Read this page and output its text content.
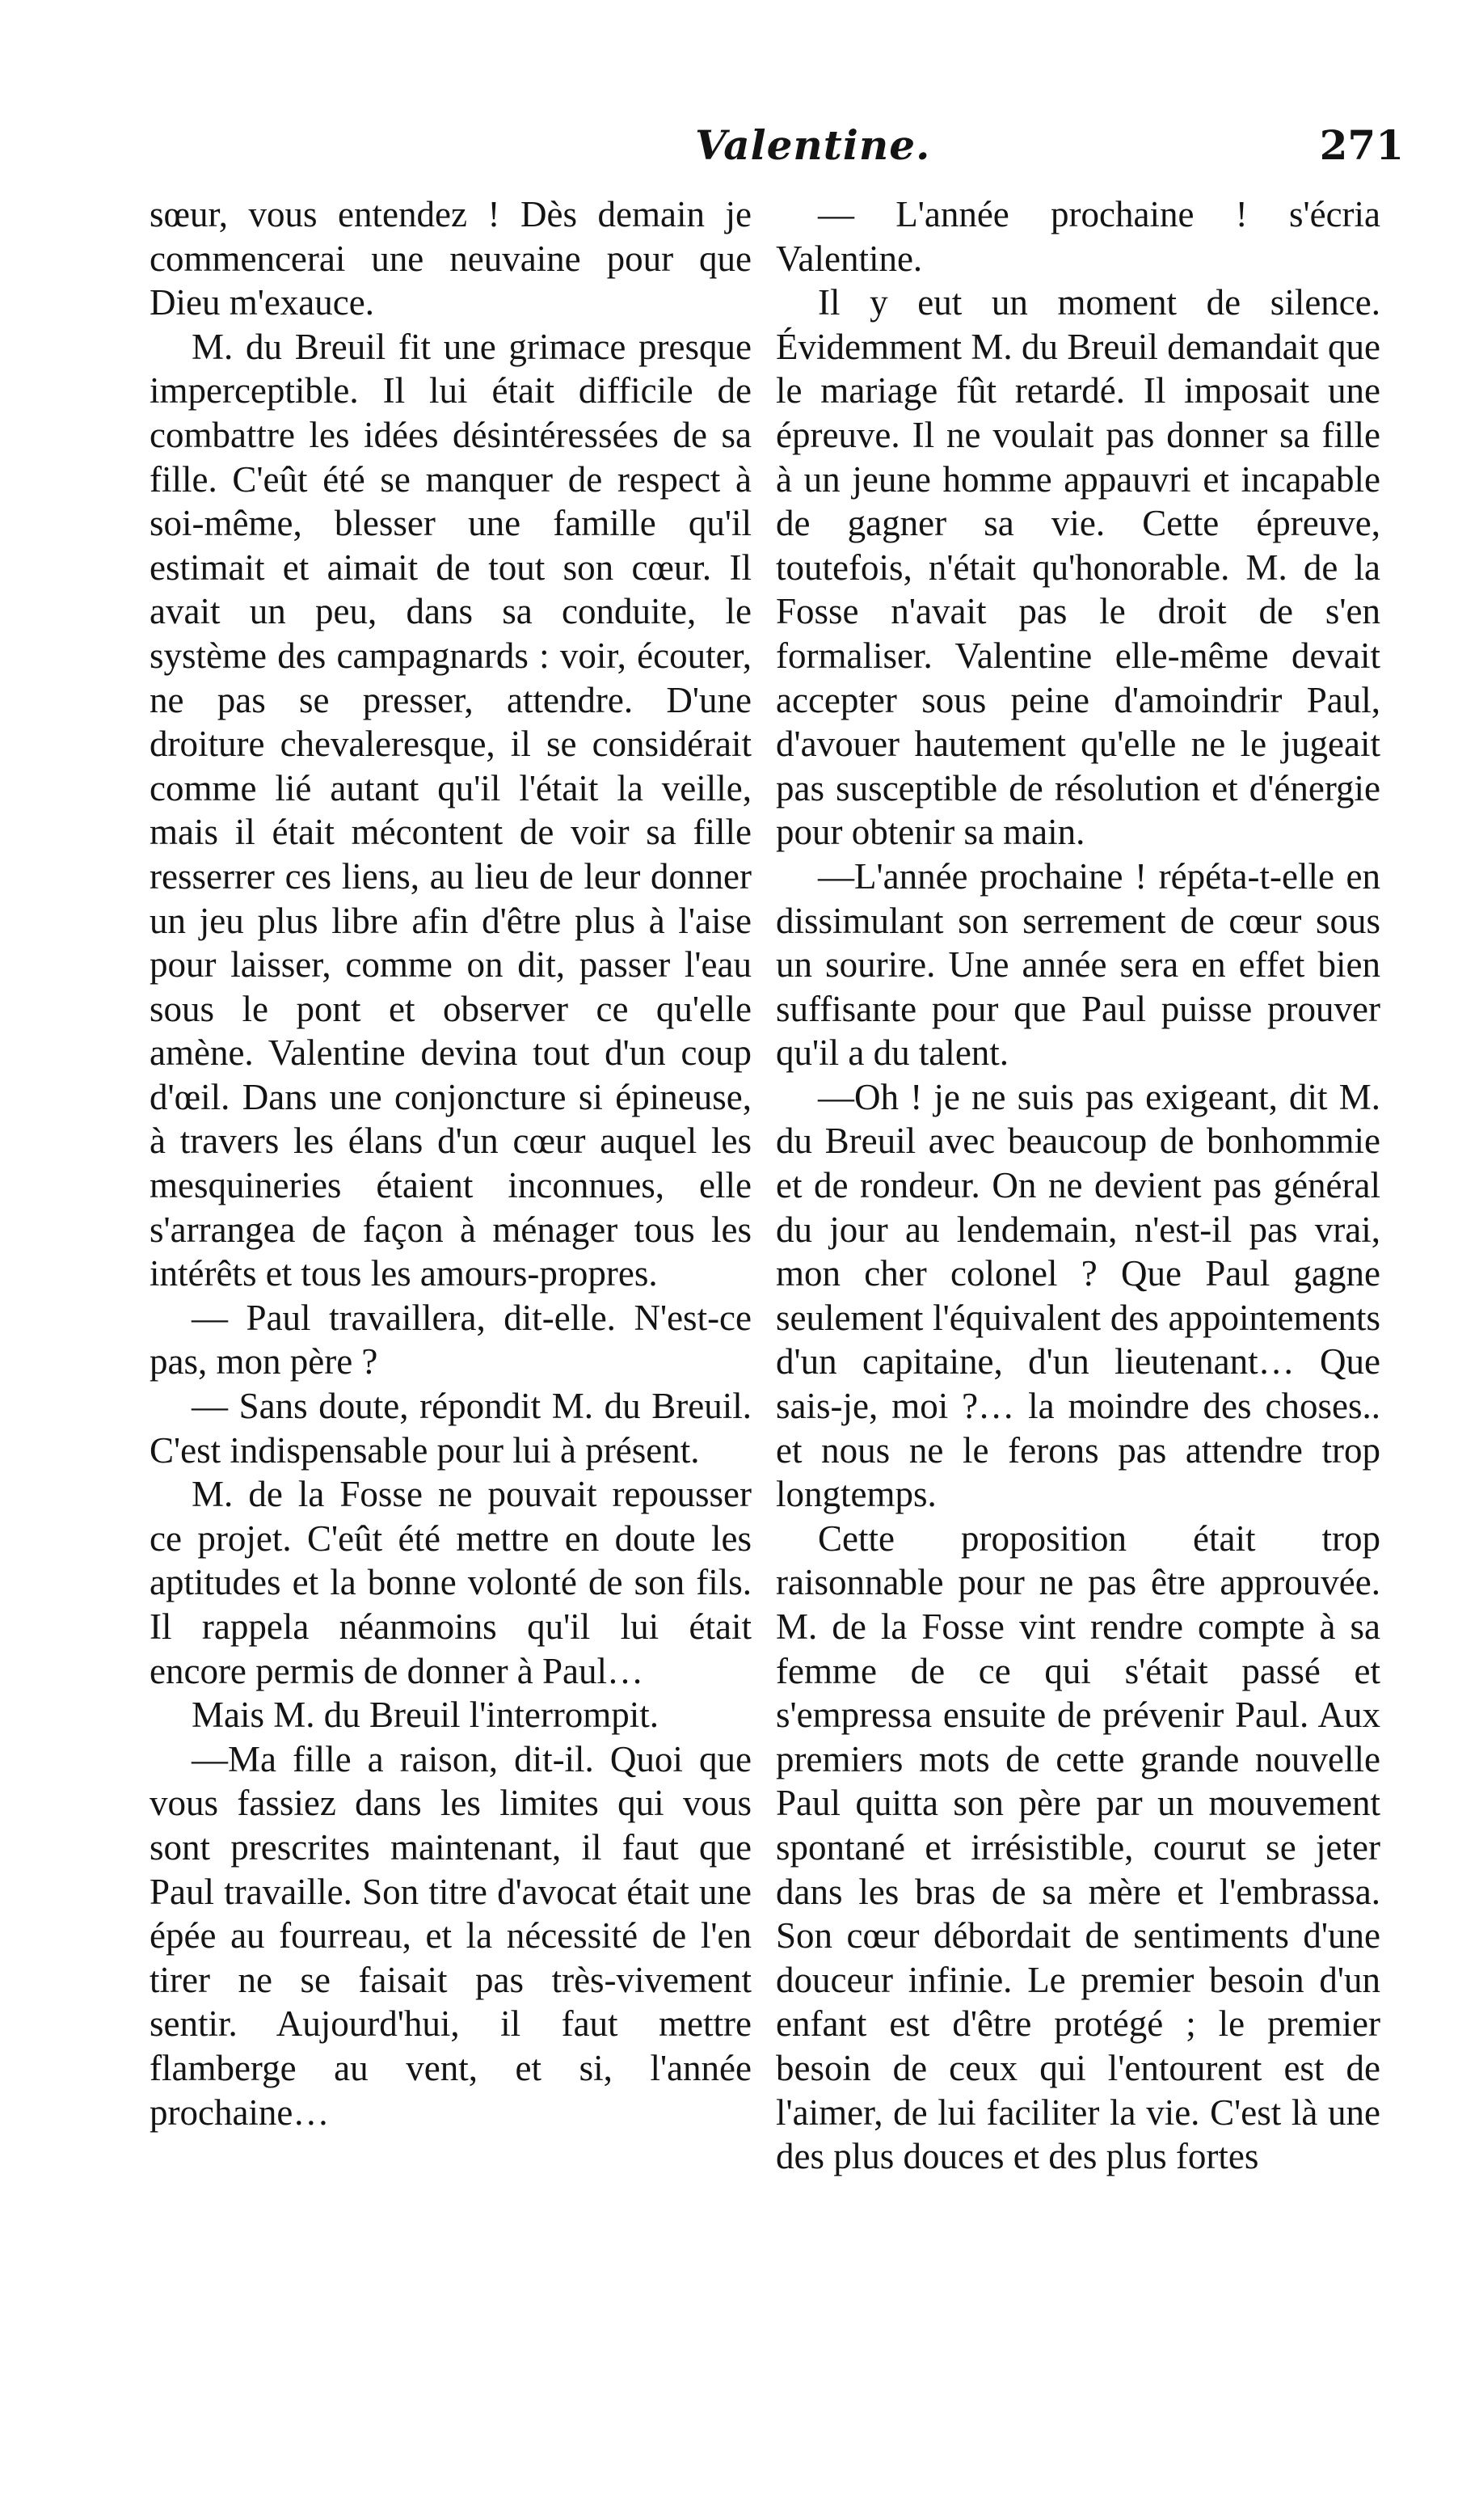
Valentine.	271

sœur, vous entendez ! Dès demain je commencerai une neuvaine pour que Dieu m'exauce.

M. du Breuil fit une grimace presque imperceptible. Il lui était difficile de combattre les idées désintéressées de sa fille. C'eût été se manquer de respect à soi-même, blesser une famille qu'il estimait et aimait de tout son cœur. Il avait un peu, dans sa conduite, le système des campagnards : voir, écouter, ne pas se presser, attendre. D'une droiture chevaleresque, il se considérait comme lié autant qu'il l'était la veille, mais il était mécontent de voir sa fille resserrer ces liens, au lieu de leur donner un jeu plus libre afin d'être plus à l'aise pour laisser, comme on dit, passer l'eau sous le pont et observer ce qu'elle amène. Valentine devina tout d'un coup d'œil. Dans une conjoncture si épineuse, à travers les élans d'un cœur auquel les mesquineries étaient inconnues, elle s'arrangea de façon à ménager tous les intérêts et tous les amours-propres.

— Paul travaillera, dit-elle. N'est-ce pas, mon père ?

— Sans doute, répondit M. du Breuil. C'est indispensable pour lui à présent.

M. de la Fosse ne pouvait repousser ce projet. C'eût été mettre en doute les aptitudes et la bonne volonté de son fils. Il rappela néanmoins qu'il lui était encore permis de donner à Paul…

Mais M. du Breuil l'interrompit.

—Ma fille a raison, dit-il. Quoi que vous fassiez dans les limites qui vous sont prescrites maintenant, il faut que Paul travaille. Son titre d'avocat était une épée au fourreau, et la nécessité de l'en tirer ne se faisait pas très-vivement sentir. Aujourd'hui, il faut mettre flamberge au vent, et si, l'année prochaine…

— L'année prochaine ! s'écria Valentine.

Il y eut un moment de silence. Évidemment M. du Breuil demandait que le mariage fût retardé. Il imposait une épreuve. Il ne voulait pas donner sa fille à un jeune homme appauvri et incapable de gagner sa vie. Cette épreuve, toutefois, n'était qu'honorable. M. de la Fosse n'avait pas le droit de s'en formaliser. Valentine elle-même devait accepter sous peine d'amoindrir Paul, d'avouer hautement qu'elle ne le jugeait pas susceptible de résolution et d'énergie pour obtenir sa main.

—L'année prochaine ! répéta-t-elle en dissimulant son serrement de cœur sous un sourire. Une année sera en effet bien suffisante pour que Paul puisse prouver qu'il a du talent.

—Oh ! je ne suis pas exigeant, dit M. du Breuil avec beaucoup de bonhommie et de rondeur. On ne devient pas général du jour au lendemain, n'est-il pas vrai, mon cher colonel ? Que Paul gagne seulement l'équivalent des appointements d'un capitaine, d'un lieutenant… Que sais-je, moi ?… la moindre des choses.. et nous ne le ferons pas attendre trop longtemps.

Cette proposition était trop raisonnable pour ne pas être approuvée. M. de la Fosse vint rendre compte à sa femme de ce qui s'était passé et s'empressa ensuite de prévenir Paul. Aux premiers mots de cette grande nouvelle Paul quitta son père par un mouvement spontané et irrésistible, courut se jeter dans les bras de sa mère et l'embrassa. Son cœur débordait de sentiments d'une douceur infinie. Le premier besoin d'un enfant est d'être protégé ; le premier besoin de ceux qui l'entourent est de l'aimer, de lui faciliter la vie. C'est là une des plus douces et des plus fortes
